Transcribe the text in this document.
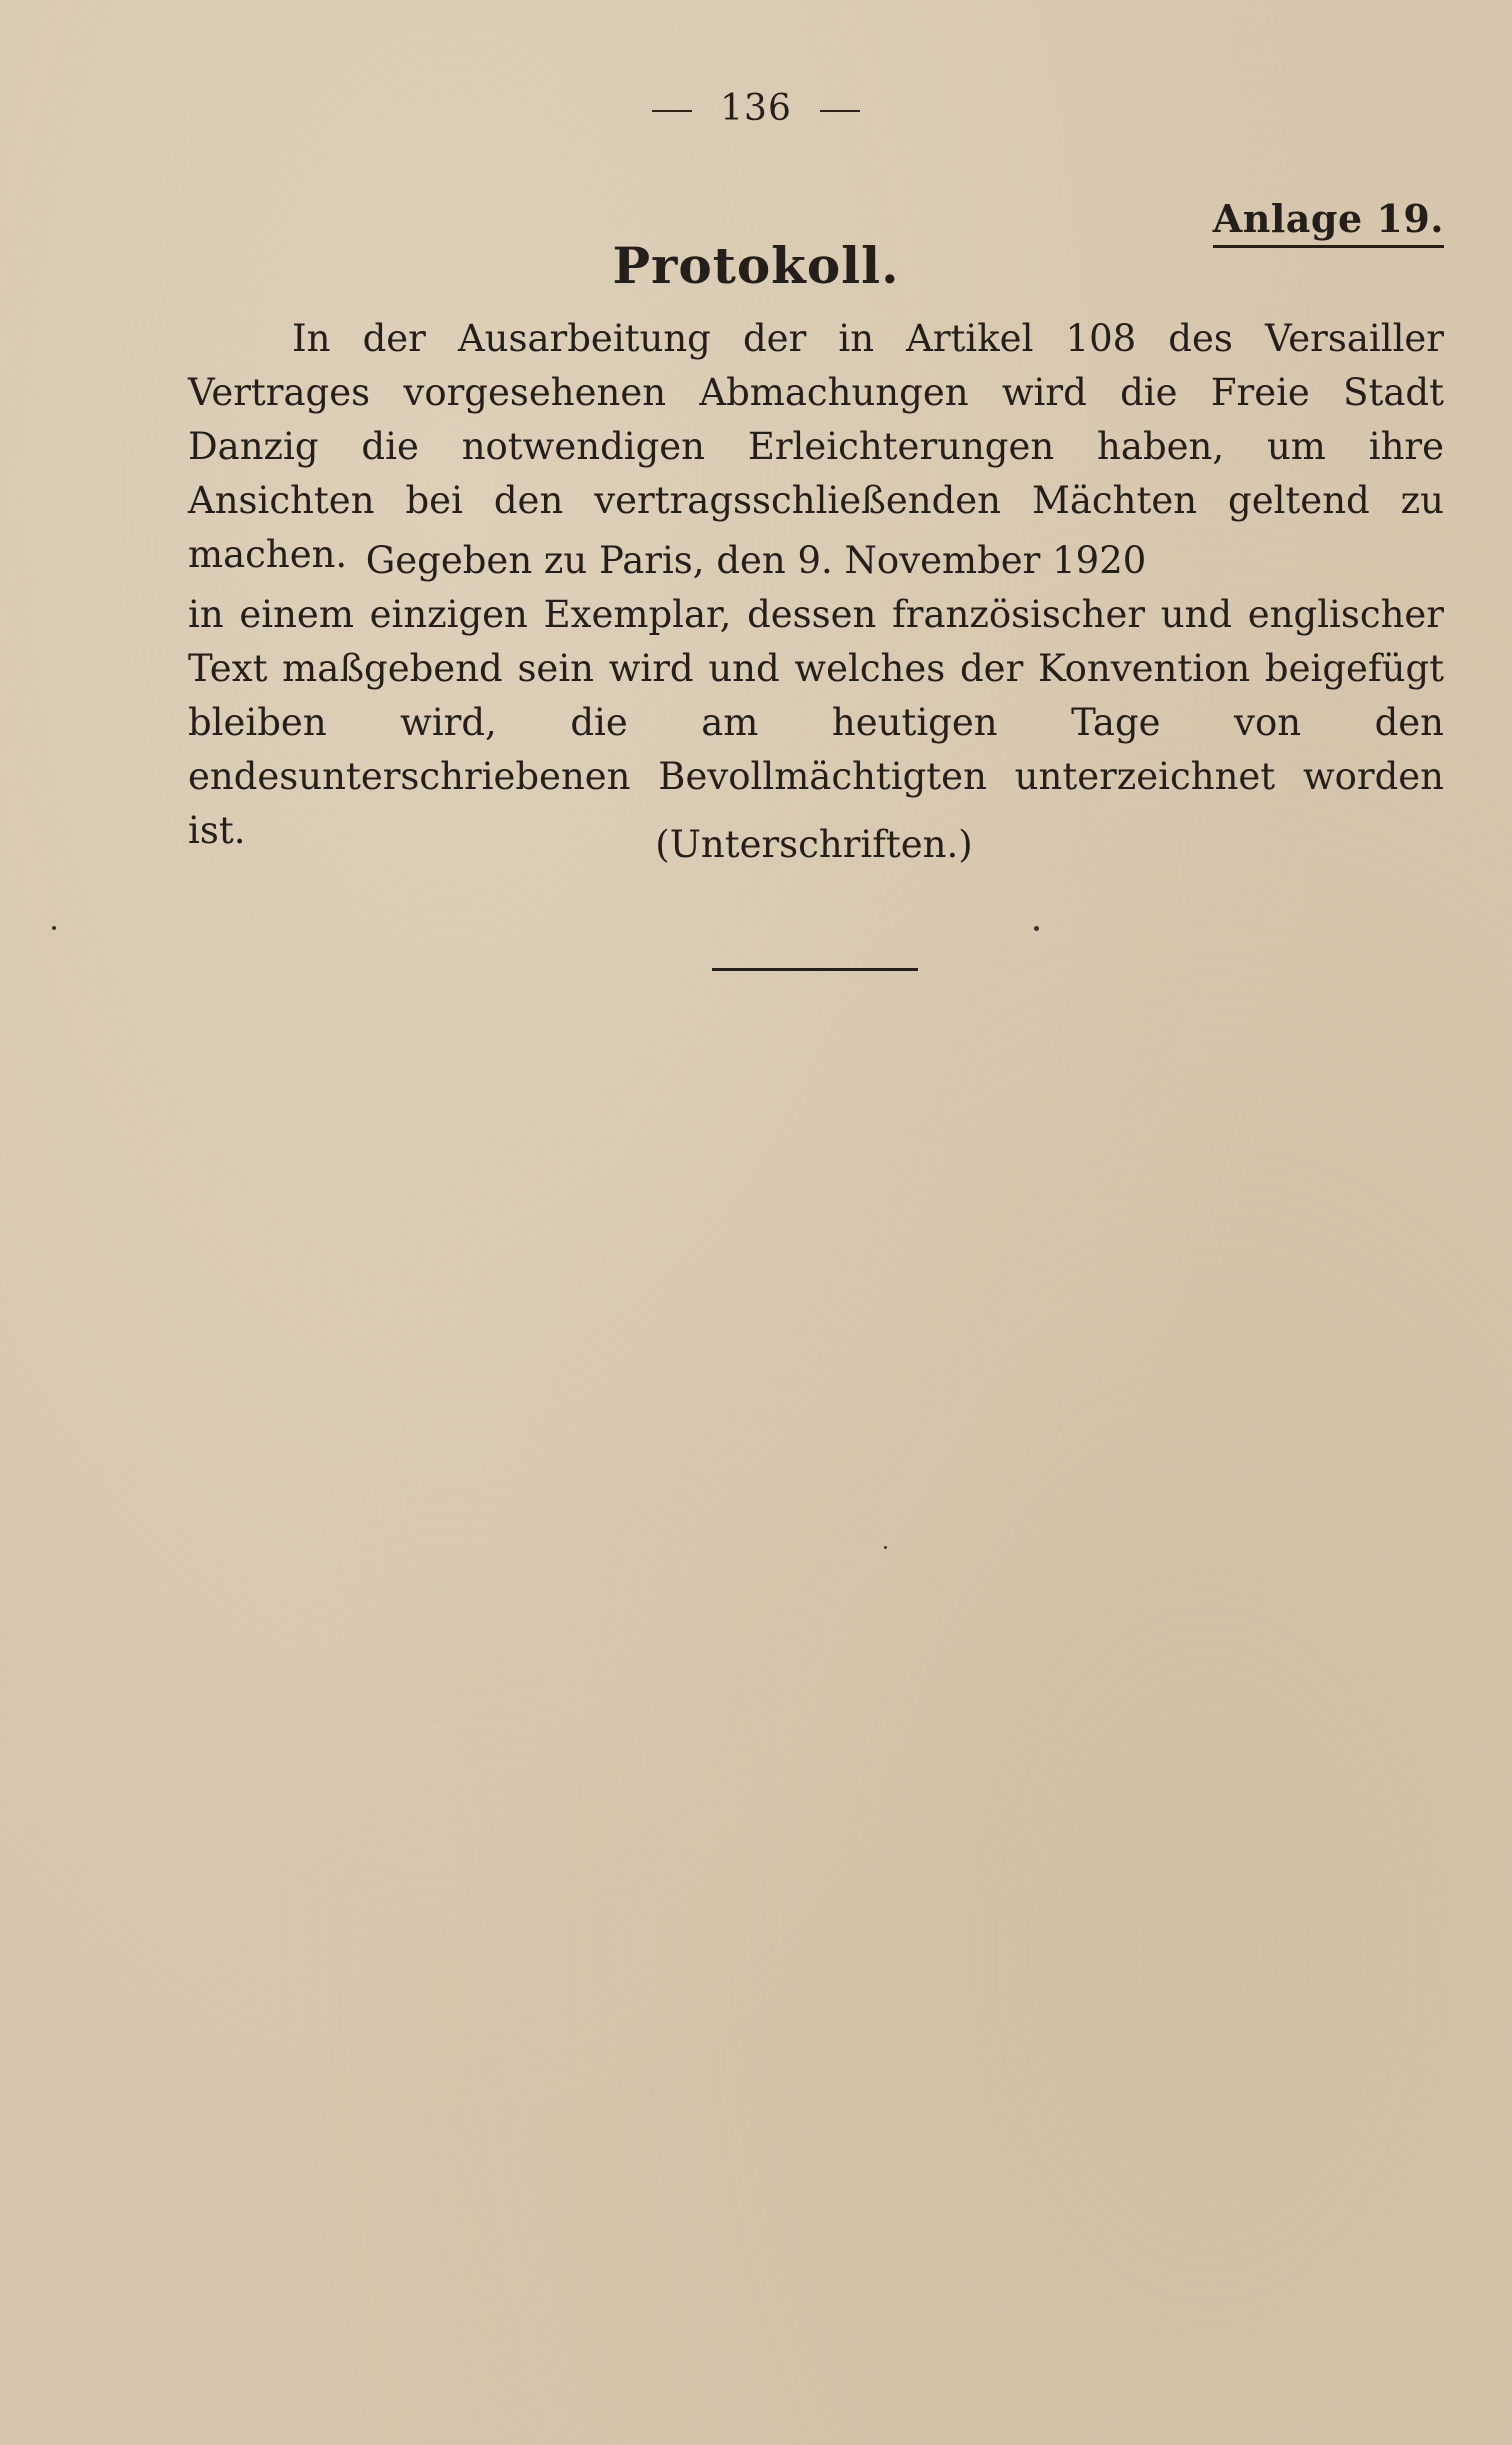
136
Anlage 19.
Protokoll.
In der Ausarbeitung der in Artikel 108 des Versailler Vertrages vorgesehenen Abmachungen wird die Freie Stadt Danzig die notwendigen Erleichterungen haben, um ihre Ansichten bei den vertragsschließenden Mächten geltend zu machen. Gegeben zu Paris, den 9. November 1920
in einem einzigen Exemplar, dessen französischer und englischer Text maßgebend sein wird und welches der Konvention beigefügt bleiben wird, die am heutigen Tage von den endesunterschriebenen Bevollmächtigten unterzeichnet worden ist.	(Unterschriften.)
